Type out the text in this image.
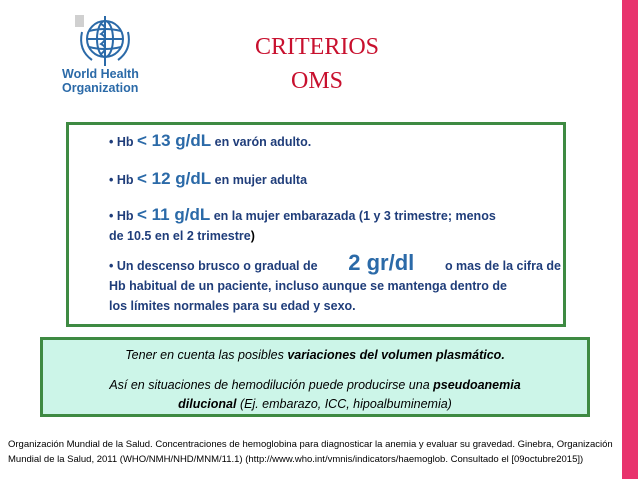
World Health
Organization
CRITERIOS
OMS
• Hb < 13 g/dL en varón adulto.
• Hb < 12 g/dL en mujer adulta
• Hb < 11 g/dL en la mujer embarazada (1 y 3 trimestre; menos
de 10.5 en el 2 trimestre)
• Un descenso brusco o gradual de 2 gr/dl o mas de la cifra de
Hb habitual de un paciente, incluso aunque se mantenga dentro de
los límites normales para su edad y sexo.
Tener en cuenta las posibles variaciones del volumen plasmático.
Así en situaciones de hemodilución puede producirse una pseudoanemia
dilucional (Ej. embarazo, ICC, hipoalbuminemia)
Organización Mundial de la Salud. Concentraciones de hemoglobina para diagnosticar la anemia y evaluar su gravedad. Ginebra, Organización
Mundial de la Salud, 2011 (WHO/NMH/NHD/MNM/11.1) (http://www.who.int/vmnis/indicators/haemoglob. Consultado el [09octubre2015])
